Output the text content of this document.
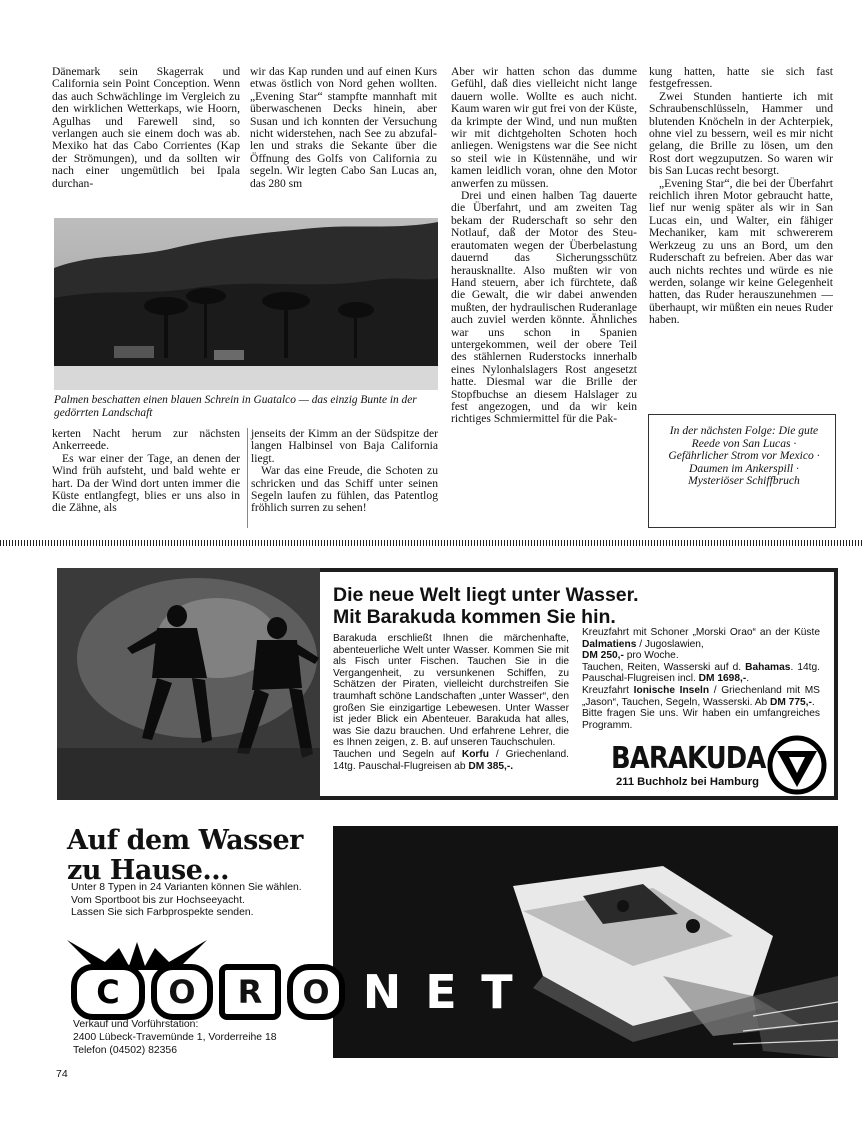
Dänemark sein Skagerrak und California sein Point Conception. Wenn das auch Schwächlinge im Vergleich zu den wirklichen Wetterkaps, wie Hoorn, Agulhas und Farewell sind, so verlangen auch sie einem doch was ab. Mexiko hat das Cabo Corrientes (Kap der Strömungen), und da sollten wir nach einer ungemütlich bei Ipala durchan-

wir das Kap runden und auf einen Kurs etwas östlich von Nord gehen wollten. „Evening Star“ stampfte mannhaft mit überwaschenen Decks hinein, aber Susan und ich konnten der Versuchung nicht widerstehen, nach See zu abzufallen und straks die Sekante über die Öffnung des Golfs von California zu segeln. Wir legten Cabo San Lucas an, das 280 sm

Palmen beschatten einen blauen Schrein in Guatalco — das einzig Bunte in der gedörrten Landschaft

kerten Nacht herum zur nächsten Ankerreede.

Es war einer der Tage, an denen der Wind früh aufsteht, und bald wehte er hart. Da der Wind dort unten immer die Küste entlangfegt, blies er uns also in die Zähne, als

jenseits der Kimm an der Südspitze der langen Halbinsel von Baja California liegt.

War das eine Freude, die Schoten zu schricken und das Schiff unter seinen Segeln laufen zu fühlen, das Patentlog fröhlich surren zu sehen!

Aber wir hatten schon das dumme Gefühl, daß dies vielleicht nicht lange dauern wolle. Wollte es auch nicht. Kaum waren wir gut frei von der Küste, da krimpte der Wind, und nun mußten wir mit dichtgeholten Schoten hoch anliegen. Wenigstens war die See nicht so steil wie in Küstennähe, und wir kamen leidlich voran, ohne den Motor anwerfen zu müssen.

Drei und einen halben Tag dauerte die Überfahrt, und am zweiten Tag bekam der Ruderschaft so sehr den Notlauf, daß der Motor des Steuerautomaten wegen der Überbelastung dauernd das Sicherungsschütz herausknallte. Also mußten wir von Hand steuern, aber ich fürchtete, daß die Gewalt, die wir dabei anwenden mußten, der hydraulischen Ruderanlage auch zuviel werden könnte. Ähnliches war uns schon in Spanien untergekommen, weil der obere Teil des stählernen Ruderstocks innerhalb eines Nylonhalslagers Rost angesetzt hatte. Diesmal war die Brille der Stopfbuchse an diesem Halslager zu fest angezogen, und da wir kein richtiges Schmiermittel für die Pak-

kung hatten, hatte sie sich fast festgefressen.

Zwei Stunden hantierte ich mit Schraubenschlüsseln, Hammer und blutenden Knöcheln in der Achterpiek, ohne viel zu bessern, weil es mir nicht gelang, die Brille zu lösen, um den Rost dort wegzuputzen. So waren wir bis San Lucas recht besorgt.

„Evening Star“, die bei der Überfahrt reichlich ihren Motor gebraucht hatte, lief nur wenig später als wir in San Lucas ein, und Walter, ein fähiger Mechaniker, kam mit schwererem Werkzeug zu uns an Bord, um den Ruderschaft zu befreien. Aber das war auch nichts rechtes und würde es nie werden, solange wir keine Gelegenheit hatten, das Ruder herauszunehmen — überhaupt, wir müßten ein neues Ruder haben.

In der nächsten Folge: Die gute Reede von San Lucas · Gefährlicher Strom vor Mexico · Daumen im Ankerspill · Mysteriöser Schiffbruch
Die neue Welt liegt unter Wasser.
Mit Barakuda kommen Sie hin.
Barakuda erschließt Ihnen die märchenhafte, abenteuerliche Welt unter Wasser. Kommen Sie mit als Fisch unter Fischen. Tauchen Sie in die Vergangenheit, zu versunkenen Schiffen, zu Schätzen der Piraten, vielleicht durchstreifen Sie traumhaft schöne Landschaften „unter Wasser“, den großen Sie einzigartige Lebewesen. Unter Wasser ist jeder Blick ein Abenteuer. Barakuda hat alles, was Sie dazu brauchen. Und erfahrene Lehrer, die es Ihnen zeigen, z. B. auf unseren Tauchschulen.
Tauchen und Segeln auf Korfu / Griechenland. 14tg. Pauschal-Flugreisen ab DM 385,-.
Kreuzfahrt mit Schoner „Morski Orao“ an der Küste Dalmatiens / Jugoslawien,
DM 250,- pro Woche.
Tauchen, Reiten, Wasserski auf d. Bahamas. 14tg. Pauschal-Flugreisen incl. DM 1698,-.
Kreuzfahrt Ionische Inseln / Griechenland mit MS „Jason“, Tauchen, Segeln, Wasserski. Ab DM 775,-.
Bitte fragen Sie uns. Wir haben ein umfangreiches Programm.
BARAKUDA
211 Buchholz bei Hamburg
Auf dem Wasser
zu Hause...
Unter 8 Typen in 24 Varianten können Sie wählen.
Vom Sportboot bis zur Hochseeyacht.
Lassen Sie sich Farbprospekte senden.
C	O	R	O N E T
Verkauf und Vorführstation:
2400 Lübeck-Travemünde 1, Vorderreihe 18
Telefon (04502) 82356
74
